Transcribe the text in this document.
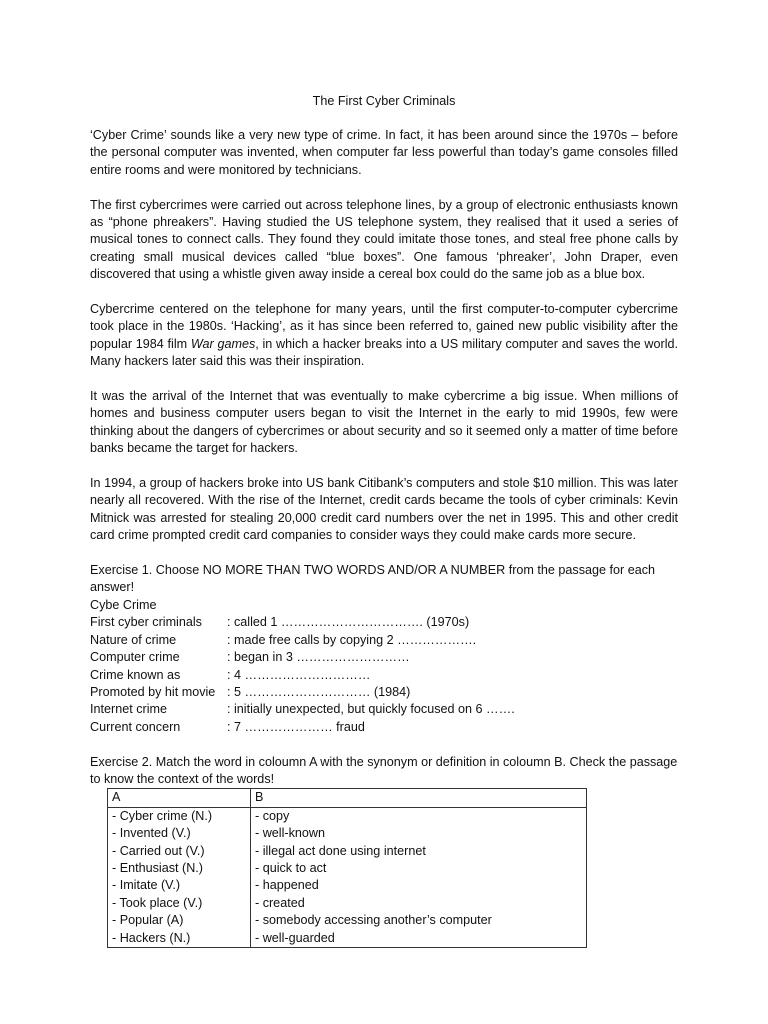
The First Cyber Criminals

‘Cyber Crime’ sounds like a very new type of crime. In fact, it has been around since the 1970s – before the personal computer was invented, when computer far less powerful than today’s game consoles filled entire rooms and were monitored by technicians.

The first cybercrimes were carried out across telephone lines, by a group of electronic enthusiasts known as “phone phreakers”. Having studied the US telephone system, they realised that it used a series of musical tones to connect calls. They found they could imitate those tones, and steal free phone calls by creating small musical devices called “blue boxes”. One famous ‘phreaker’, John Draper, even discovered that using a whistle given away inside a cereal box could do the same job as a blue box.

Cybercrime centered on the telephone for many years, until the first computer-to-computer cybercrime took place in the 1980s. ‘Hacking’, as it has since been referred to, gained new public visibility after the popular 1984 film War games, in which a hacker breaks into a US military computer and saves the world. Many hackers later said this was their inspiration.

It was the arrival of the Internet that was eventually to make cybercrime a big issue. When millions of homes and business computer users began to visit the Internet in the early to mid 1990s, few were thinking about the dangers of cybercrimes or about security and so it seemed only a matter of time before banks became the target for hackers.

In 1994, a group of hackers broke into US bank Citibank’s computers and stole $10 million. This was later nearly all recovered. With the rise of the Internet, credit cards became the tools of cyber criminals: Kevin Mitnick was arrested for stealing 20,000 credit card numbers over the net in 1995. This and other credit card crime prompted credit card companies to consider ways they could make cards more secure.

Exercise 1. Choose NO MORE THAN TWO WORDS AND/OR A NUMBER from the passage for each answer!

Cybe Crime

First cyber criminals	: called 1 ……………………………. (1970s)
Nature of crime	: made free calls by copying 2 ……………….
Computer crime	: began in 3 ………………………
Crime known as	: 4 …………………………
Promoted by hit movie : 5 ………………………… (1984)
Internet crime	: initially unexpected, but quickly focused on 6 …….
Current concern	: 7 ………………… fraud

Exercise 2. Match the word in coloumn A with the synonym or definition in coloumn B. Check the passage to know the context of the words!

A	B
- Cyber crime (N.)	- copy
- Invented (V.)	- well-known
- Carried out (V.)	- illegal act done using internet
- Enthusiast (N.)	- quick to act
- Imitate (V.)	- happened
- Took place (V.)	- created
- Popular (A)	- somebody accessing another’s computer
- Hackers (N.)	- well-guarded
